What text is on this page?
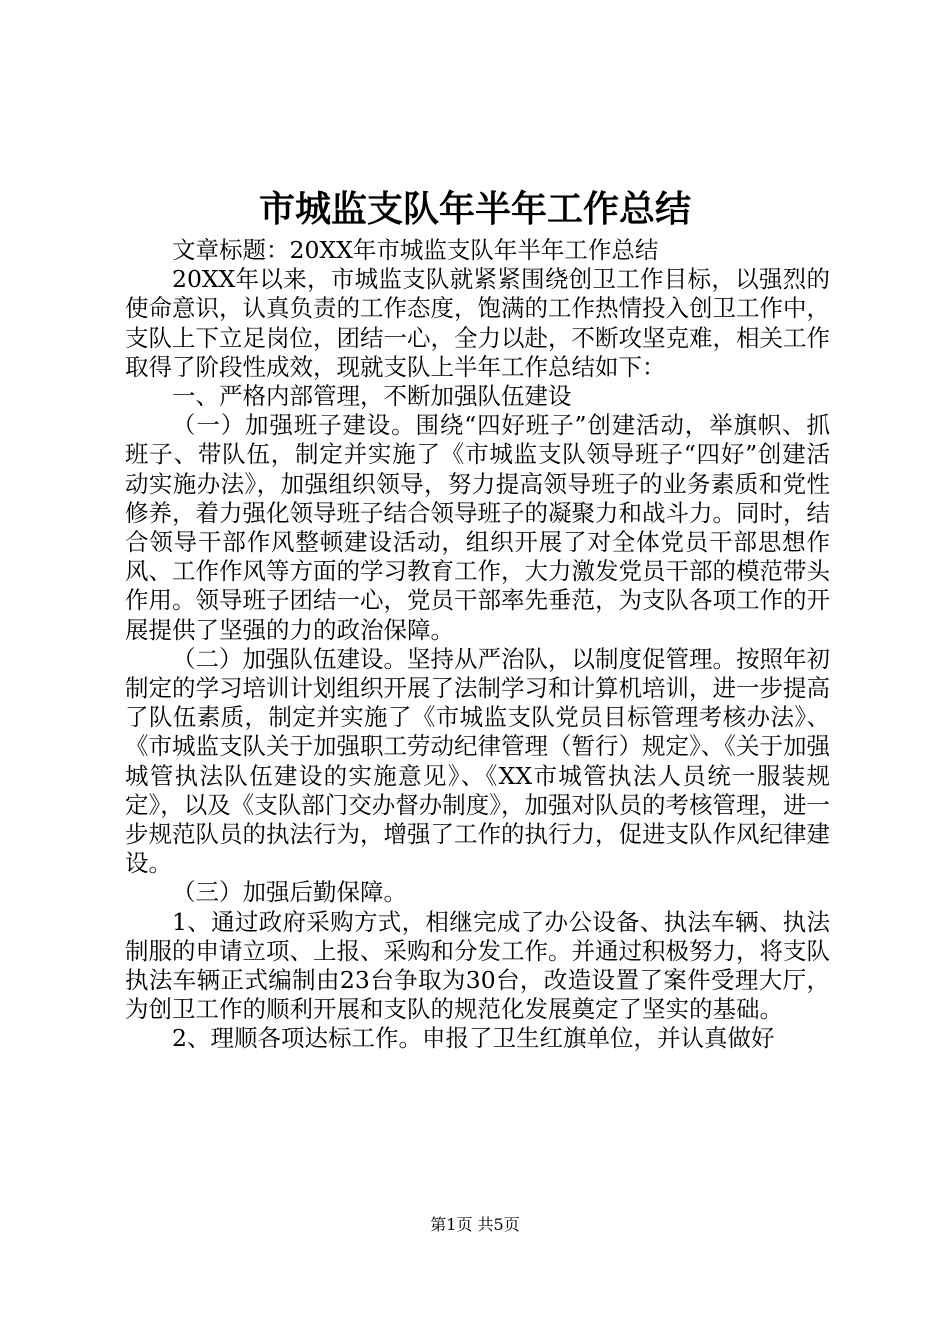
市城监支队年半年工作总结

文章标题：20XX年市城监支队年半年工作总结

20XX年以来，市城监支队就紧紧围绕创卫工作目标，以强烈的使命意识，认真负责的工作态度，饱满的工作热情投入创卫工作中，支队上下立足岗位，团结一心，全力以赴，不断攻坚克难，相关工作取得了阶段性成效，现就支队上半年工作总结如下：

一、严格内部管理，不断加强队伍建设

（一）加强班子建设。围绕“四好班子”创建活动，举旗帜、抓班子、带队伍，制定并实施了《市城监支队领导班子“四好”创建活动实施办法》，加强组织领导，努力提高领导班子的业务素质和党性修养，着力强化领导班子结合领导班子的凝聚力和战斗力。同时，结合领导干部作风整顿建设活动，组织开展了对全体党员干部思想作风、工作作风等方面的学习教育工作，大力激发党员干部的模范带头作用。领导班子团结一心，党员干部率先垂范，为支队各项工作的开展提供了坚强的力的政治保障。

（二）加强队伍建设。坚持从严治队，以制度促管理。按照年初制定的学习培训计划组织开展了法制学习和计算机培训，进一步提高了队伍素质，制定并实施了《市城监支队党员目标管理考核办法》、《市城监支队关于加强职工劳动纪律管理（暂行）规定》、《关于加强城管执法队伍建设的实施意见》、《XX市城管执法人员统一服装规定》，以及《支队部门交办督办制度》，加强对队员的考核管理，进一步规范队员的执法行为，增强了工作的执行力，促进支队作风纪律建设。

（三）加强后勤保障。

1、通过政府采购方式，相继完成了办公设备、执法车辆、执法制服的申请立项、上报、采购和分发工作。并通过积极努力，将支队执法车辆正式编制由23台争取为30台，改造设置了案件受理大厅，为创卫工作的顺利开展和支队的规范化发展奠定了坚实的基础。

2、理顺各项达标工作。申报了卫生红旗单位，并认真做好

第1页 共5页
